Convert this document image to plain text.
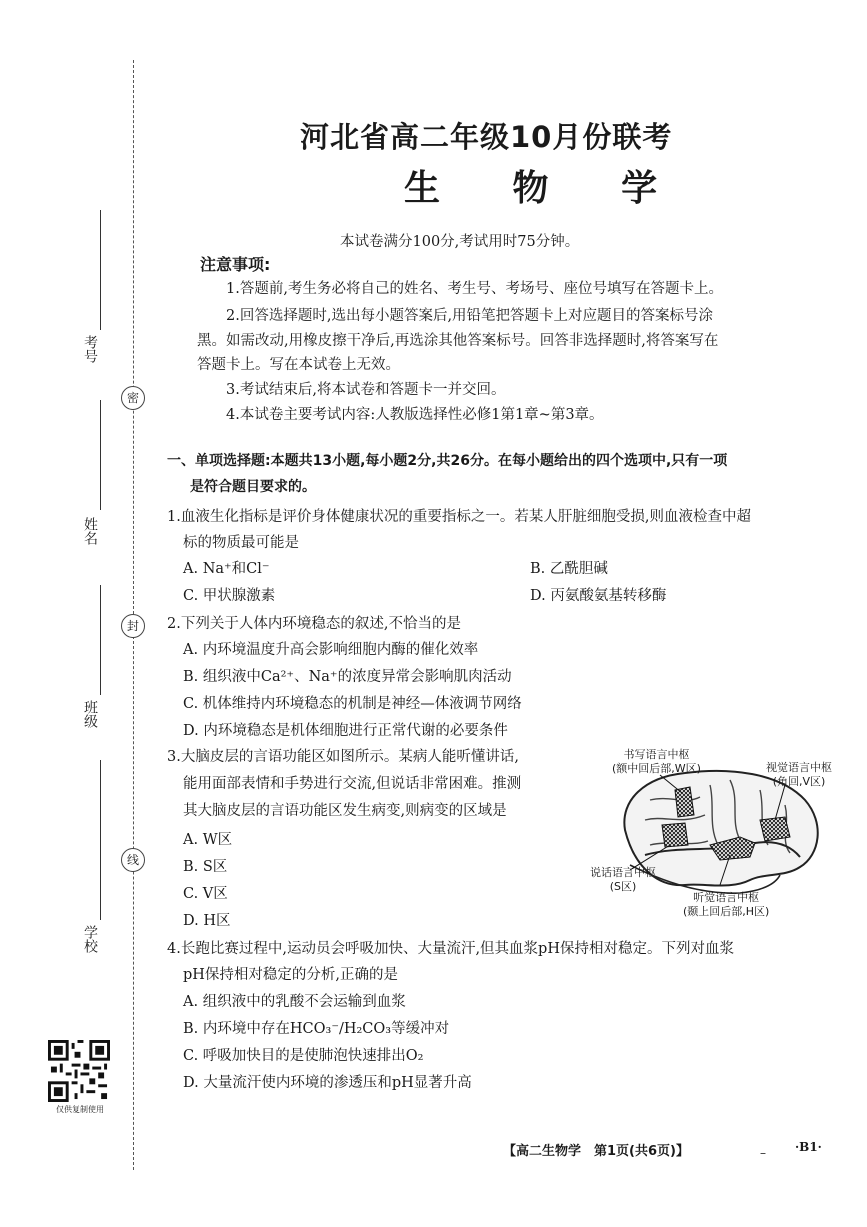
密
封
线
考号
姓名
班级
学校
仅供复制使用
河北省高二年级10月份联考
生 物 学
本试卷满分100分,考试用时75分钟。
注意事项:
1.答题前,考生务必将自己的姓名、考生号、考场号、座位号填写在答题卡上。
2.回答选择题时,选出每小题答案后,用铅笔把答题卡上对应题目的答案标号涂
黑。如需改动,用橡皮擦干净后,再选涂其他答案标号。回答非选择题时,将答案写在
答题卡上。写在本试卷上无效。
3.考试结束后,将本试卷和答题卡一并交回。
4.本试卷主要考试内容:人教版选择性必修1第1章~第3章。
一、单项选择题:本题共13小题,每小题2分,共26分。在每小题给出的四个选项中,只有一项
是符合题目要求的。
1.血液生化指标是评价身体健康状况的重要指标之一。若某人肝脏细胞受损,则血液检查中超
标的物质最可能是
A. Na⁺和Cl⁻	B. 乙酰胆碱
C. 甲状腺激素	D. 丙氨酸氨基转移酶
2.下列关于人体内环境稳态的叙述,不恰当的是
A. 内环境温度升高会影响细胞内酶的催化效率
B. 组织液中Ca²⁺、Na⁺的浓度异常会影响肌肉活动
C. 机体维持内环境稳态的机制是神经—体液调节网络
D. 内环境稳态是机体细胞进行正常代谢的必要条件
3.大脑皮层的言语功能区如图所示。某病人能听懂讲话,
能用面部表情和手势进行交流,但说话非常困难。推测
其大脑皮层的言语功能区发生病变,则病变的区域是
A. W区
B. S区
C. V区
D. H区
书写语言中枢
(额中回后部,W区)	视觉语言中枢
(角回,V区)
说话语言中枢
(S区)
听觉语言中枢
(颞上回后部,H区)
4.长跑比赛过程中,运动员会呼吸加快、大量流汗,但其血浆pH保持相对稳定。下列对血浆
pH保持相对稳定的分析,正确的是
A. 组织液中的乳酸不会运输到血浆
B. 内环境中存在HCO₃⁻/H₂CO₃等缓冲对
C. 呼吸加快目的是使肺泡快速排出O₂
D. 大量流汗使内环境的渗透压和pH显著升高
【高二生物学　第1页(共6页)】	– ·B1·
